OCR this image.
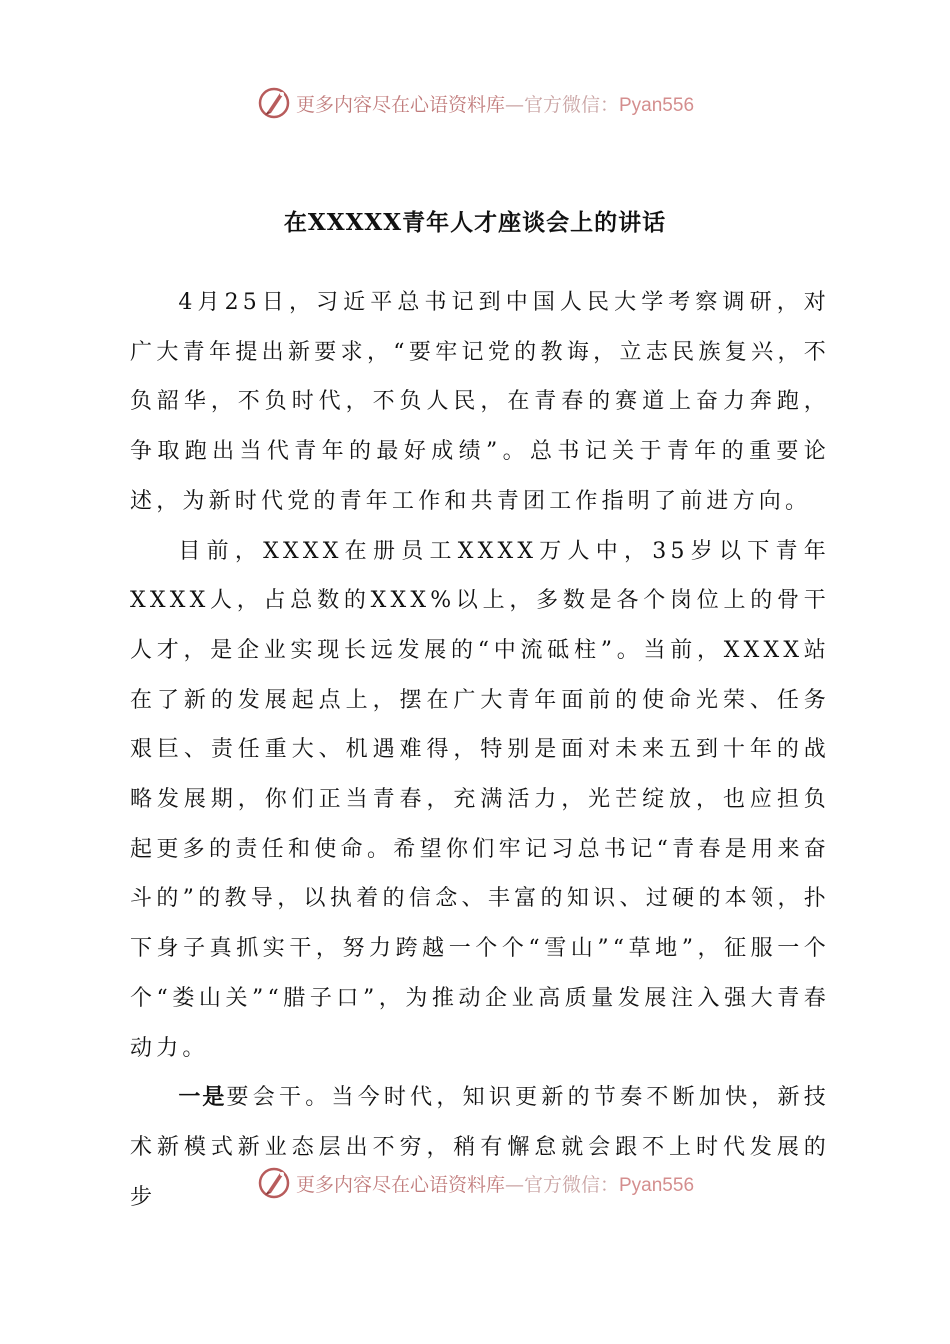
更多内容尽在心语资料库—官方微信：Pyan556
在XXXXX青年人才座谈会上的讲话

4月25日，习近平总书记到中国人民大学考察调研，对广大青年提出新要求，“要牢记党的教诲，立志民族复兴，不负韶华，不负时代，不负人民，在青春的赛道上奋力奔跑，争取跑出当代青年的最好成绩”。总书记关于青年的重要论述，为新时代党的青年工作和共青团工作指明了前进方向。

目前，XXXX在册员工XXXX万人中，35岁以下青年XXXX人，占总数的XXX%以上，多数是各个岗位上的骨干人才，是企业实现长远发展的“中流砥柱”。当前，XXXX站在了新的发展起点上，摆在广大青年面前的使命光荣、任务艰巨、责任重大、机遇难得，特别是面对未来五到十年的战略发展期，你们正当青春，充满活力，光芒绽放，也应担负起更多的责任和使命。希望你们牢记习总书记“青春是用来奋斗的”的教导，以执着的信念、丰富的知识、过硬的本领，扑下身子真抓实干，努力跨越一个个“雪山”“草地”，征服一个个“娄山关”“腊子口”，为推动企业高质量发展注入强大青春动力。

一是要会干。当今时代，知识更新的节奏不断加快，新技术新模式新业态层出不穷，稍有懈怠就会跟不上时代发展的步

更多内容尽在心语资料库—官方微信：Pyan556
